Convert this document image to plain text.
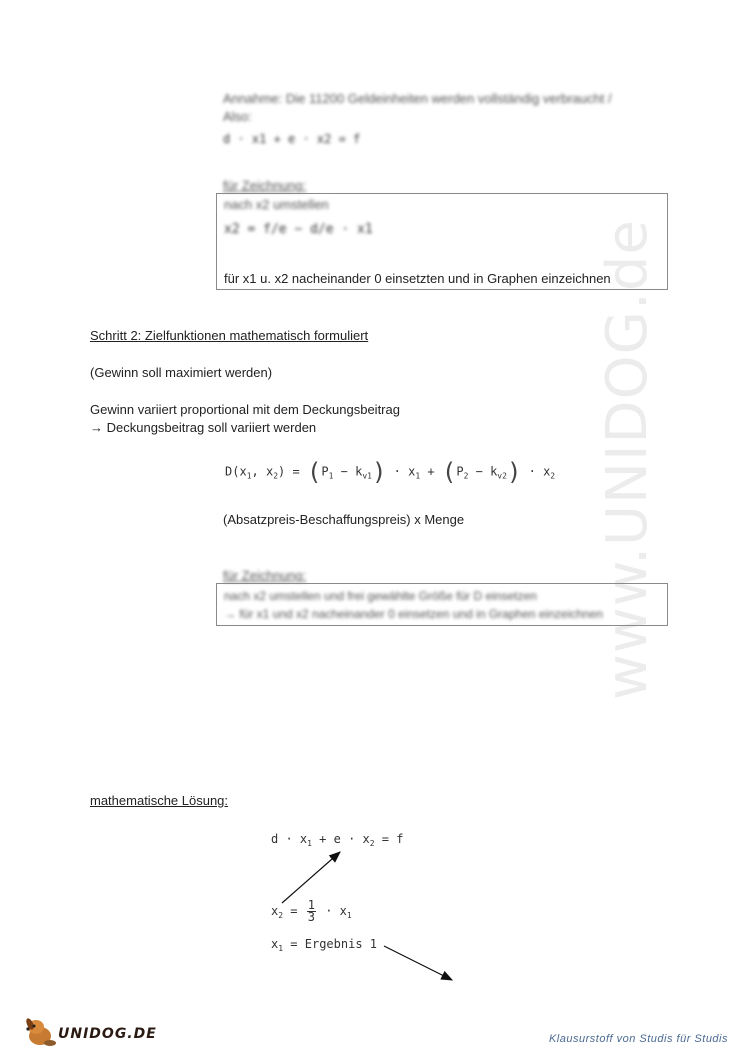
www.UNIDOG.de
Annahme: Die 11200 Geldeinheiten werden vollständig verbraucht /
Also:
d · x1 + e · x2 = f
für Zeichnung:
nach x2 umstellen
x2 = f/e − d/e · x1
für x1 u. x2 nacheinander 0 einsetzten und in Graphen einzeichnen
Schritt 2: Zielfunktionen mathematisch formuliert
(Gewinn soll maximiert werden)
Gewinn variiert proportional mit dem Deckungsbeitrag
→ Deckungsbeitrag soll variiert werden
$D(x_1$, $x_2) = (P_1 - k_{v1}) \cdot x_1 + (P_2 - k_{v2}) \cdot x_2$
(Absatzpreis-Beschaffungspreis) x Menge
für Zeichnung:
nach x2 umstellen und frei gewählte Größe für D einsetzen
→ für x1 und x2 nacheinander 0 einsetzen und in Graphen einzeichnen
mathematische Lösung:
$d \cdot x_1 + e \cdot x_2 = f$
$x_2 = \frac{1}{3} \cdot x_1$
$x_1$ = Ergebnis 1
UNIDOG.DE	Klausurstoff von Studis für Studis
